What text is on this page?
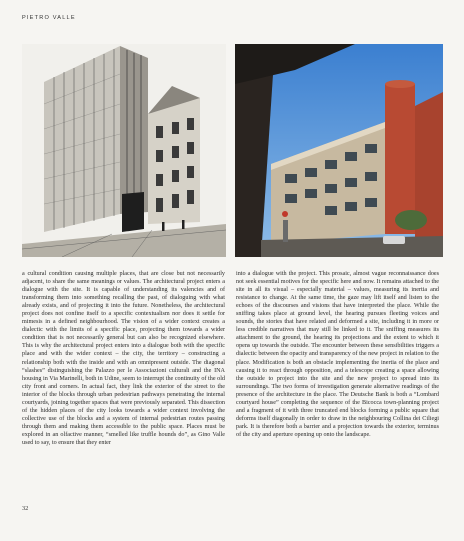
PIETRO VALLE

a cultural condition causing multiple places, that are close but not necessarily adjacent, to share the same meanings or values. The architectural project enters a dialogue with the site. It is capable of understanding its valencies and of transforming them into something recalling the past, of dialoguing with what already exists, and of projecting it into the future. Nonetheless, the architectural project does not confine itself to a specific contextualism nor does it settle for mimesis in a defined neighbourhood. The vision of a wider context creates a dialectic with the limits of a specific place, projecting them towards a wider condition that is not necessarily general but can also be recognized elsewhere. This is why the architectural project enters into a dialogue both with the specific place and with the wider context – the city, the territory – constructing a relationship both with the inside and with an omnipresent outside. The diagonal “slashes” distinguishing the Palazzo per le Associazioni culturali and the INA housing in Via Marinelli, both in Udine, seem to interrupt the continuity of the old city front and corners. In actual fact, they link the exterior of the street to the interior of the blocks through urban pedestrian pathways penetrating the internal courtyards, joining together spaces that were previously separated. This dissection of the hidden places of the city looks towards a wider context involving the collective use of the blocks and a system of internal pedestrian routes passing through them and making them accessible to the public space. Places must be explored in an olfactive manner, “smelled like truffle hounds do”, as Gino Valle used to say, to ensure that they enter

into a dialogue with the project. This prosaic, almost vague reconnaissance does not seek essential motives for the specific here and now. It remains attached to the site in all its visual – especially material – values, measuring its inertia and resistance to change. At the same time, the gaze may lift itself and listen to the echoes of the discourses and visions that have interpreted the place. While the sniffing takes place at ground level, the hearing pursues fleeting voices and sounds, the stories that have related and deformed a site, including it in more or less credible narratives that may still be linked to it. The sniffing measures its attachment to the ground, the hearing its projections and the extent to which it opens up towards the outside. The encounter between these sensibilities triggers a dialectic between the opacity and transparency of the new project in relation to the place. Modification is both an obstacle implementing the inertia of the place and causing it to react through opposition, and a telescope creating a space allowing the outside to project into the site and the new project to spread into its surroundings. The two forms of investigation generate alternative readings of the presence of the architecture in the place. The Deutsche Bank is both a “Lombard courtyard house” completing the sequence of the Bicocca town-planning project and a fragment of it with three truncated end blocks forming a public square that deforms itself diagonally in order to draw in the neighbouring Collina dei Ciliegi park. It is therefore both a barrier and a projection towards the exterior, terminus of the city and aperture opening up onto the landscape.

32
